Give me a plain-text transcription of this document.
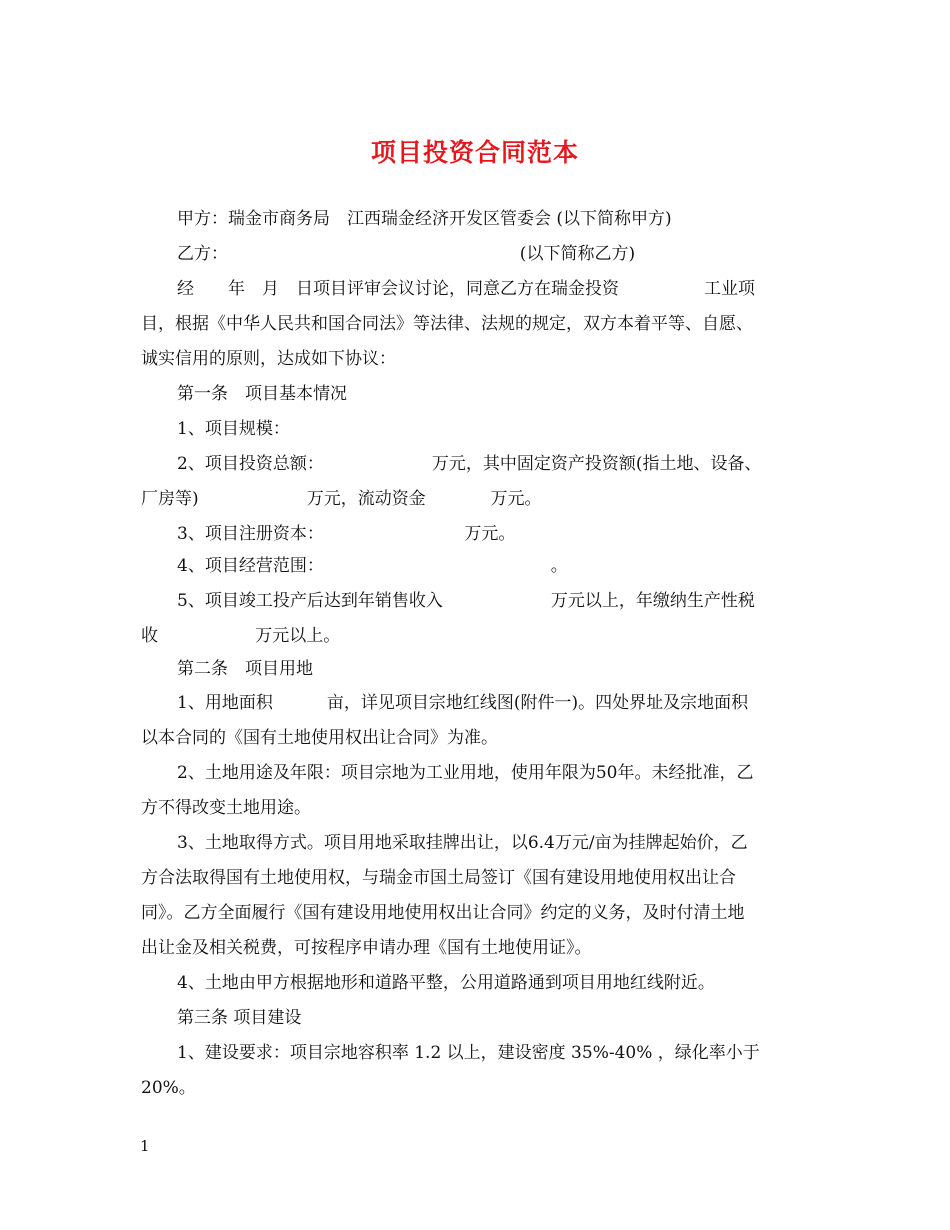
项目投资合同范本
甲方：瑞金市商务局　江西瑞金经济开发区管委会 (以下简称甲方)
乙方：                                                      (以下简称乙方)
经　　年　月　日项目评审会议讨论，同意乙方在瑞金投资　　　　　工业项
目，根据《中华人民共和国合同法》等法律、法规的规定，双方本着平等、自愿、
诚实信用的原则，达成如下协议：
第一条　项目基本情况
1、项目规模：
2、项目投资总额：                    万元，其中固定资产投资额(指土地、设备、
厂房等)                    万元，流动资金            万元。
3、项目注册资本：                          万元。
4、项目经营范围：                                          。
5、项目竣工投产后达到年销售收入                    万元以上，年缴纳生产性税
收                  万元以上。
第二条　项目用地
1、用地面积          亩，详见项目宗地红线图(附件一)。四处界址及宗地面积
以本合同的《国有土地使用权出让合同》为准。
2、土地用途及年限：项目宗地为工业用地，使用年限为50年。未经批准，乙
方不得改变土地用途。
3、土地取得方式。项目用地采取挂牌出让，以6.4万元/亩为挂牌起始价，乙
方合法取得国有土地使用权，与瑞金市国土局签订《国有建设用地使用权出让合
同》。乙方全面履行《国有建设用地使用权出让合同》约定的义务，及时付清土地
出让金及相关税费，可按程序申请办理《国有土地使用证》。
4、土地由甲方根据地形和道路平整，公用道路通到项目用地红线附近。
第三条 项目建设
1、建设要求：项目宗地容积率 1.2 以上，建设密度 35%-40% ，绿化率小于
20%。
1
